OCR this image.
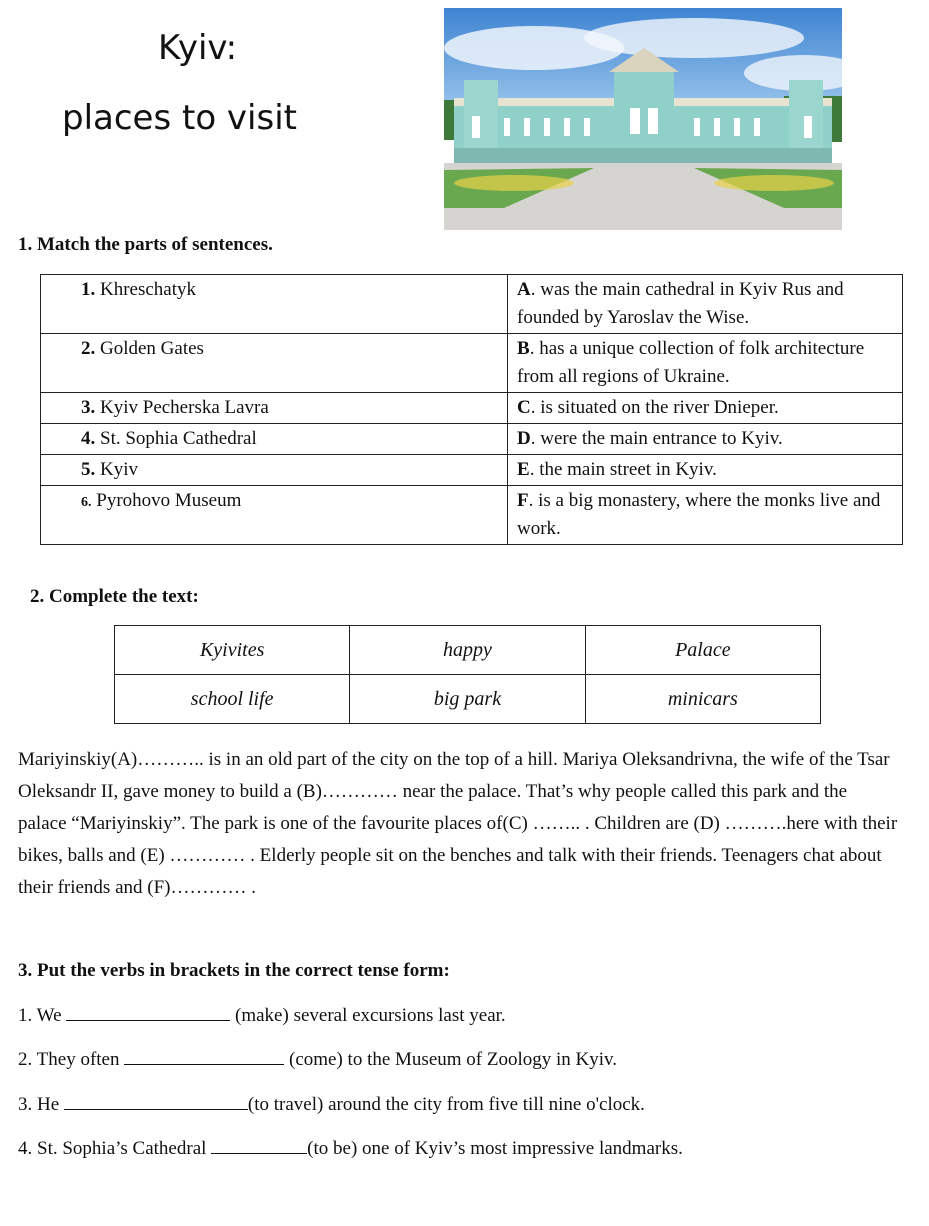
Kyiv:
places to visit
1. Match the parts of sentences.
1. Khreschatyk	A. was the main cathedral in Kyiv Rus and founded by Yaroslav the Wise.
2. Golden Gates	B. has a unique collection of folk architecture from all regions of Ukraine.
3. Kyiv Pecherska Lavra	C. is situated on the river Dnieper.
4. St. Sophia Cathedral	D. were the main entrance to Kyiv.
5. Kyiv	E. the main street in Kyiv.
6. Pyrohovo Museum	F. is a big monastery, where the monks live and work.
2. Complete the text:
Kyivites	happy	Palace
school life	big park	minicars
Mariyinskiy(A)……….. is in an old part of the city on the top of a hill. Mariya Oleksandrivna, the wife of the Tsar Oleksandr II, gave money to build a (B)………… near the palace. That’s why people called this park and the palace “Mariyinskiy”. The park is one of the favourite places of(C) …….. . Children are (D) ……….here with their bikes, balls and (E) ………… . Elderly people sit on the benches and talk with their friends. Teenagers chat about their friends and (F)………… .
3. Put the verbs in brackets in the correct tense form:
1. We	(make) several excursions last year.
2. They often	(come) to the Museum of Zoology in Kyiv.
3. He	(to travel) around the city from five till nine o'clock.
4. St. Sophia’s Cathedral	(to be) one of Kyiv’s most impressive landmarks.
